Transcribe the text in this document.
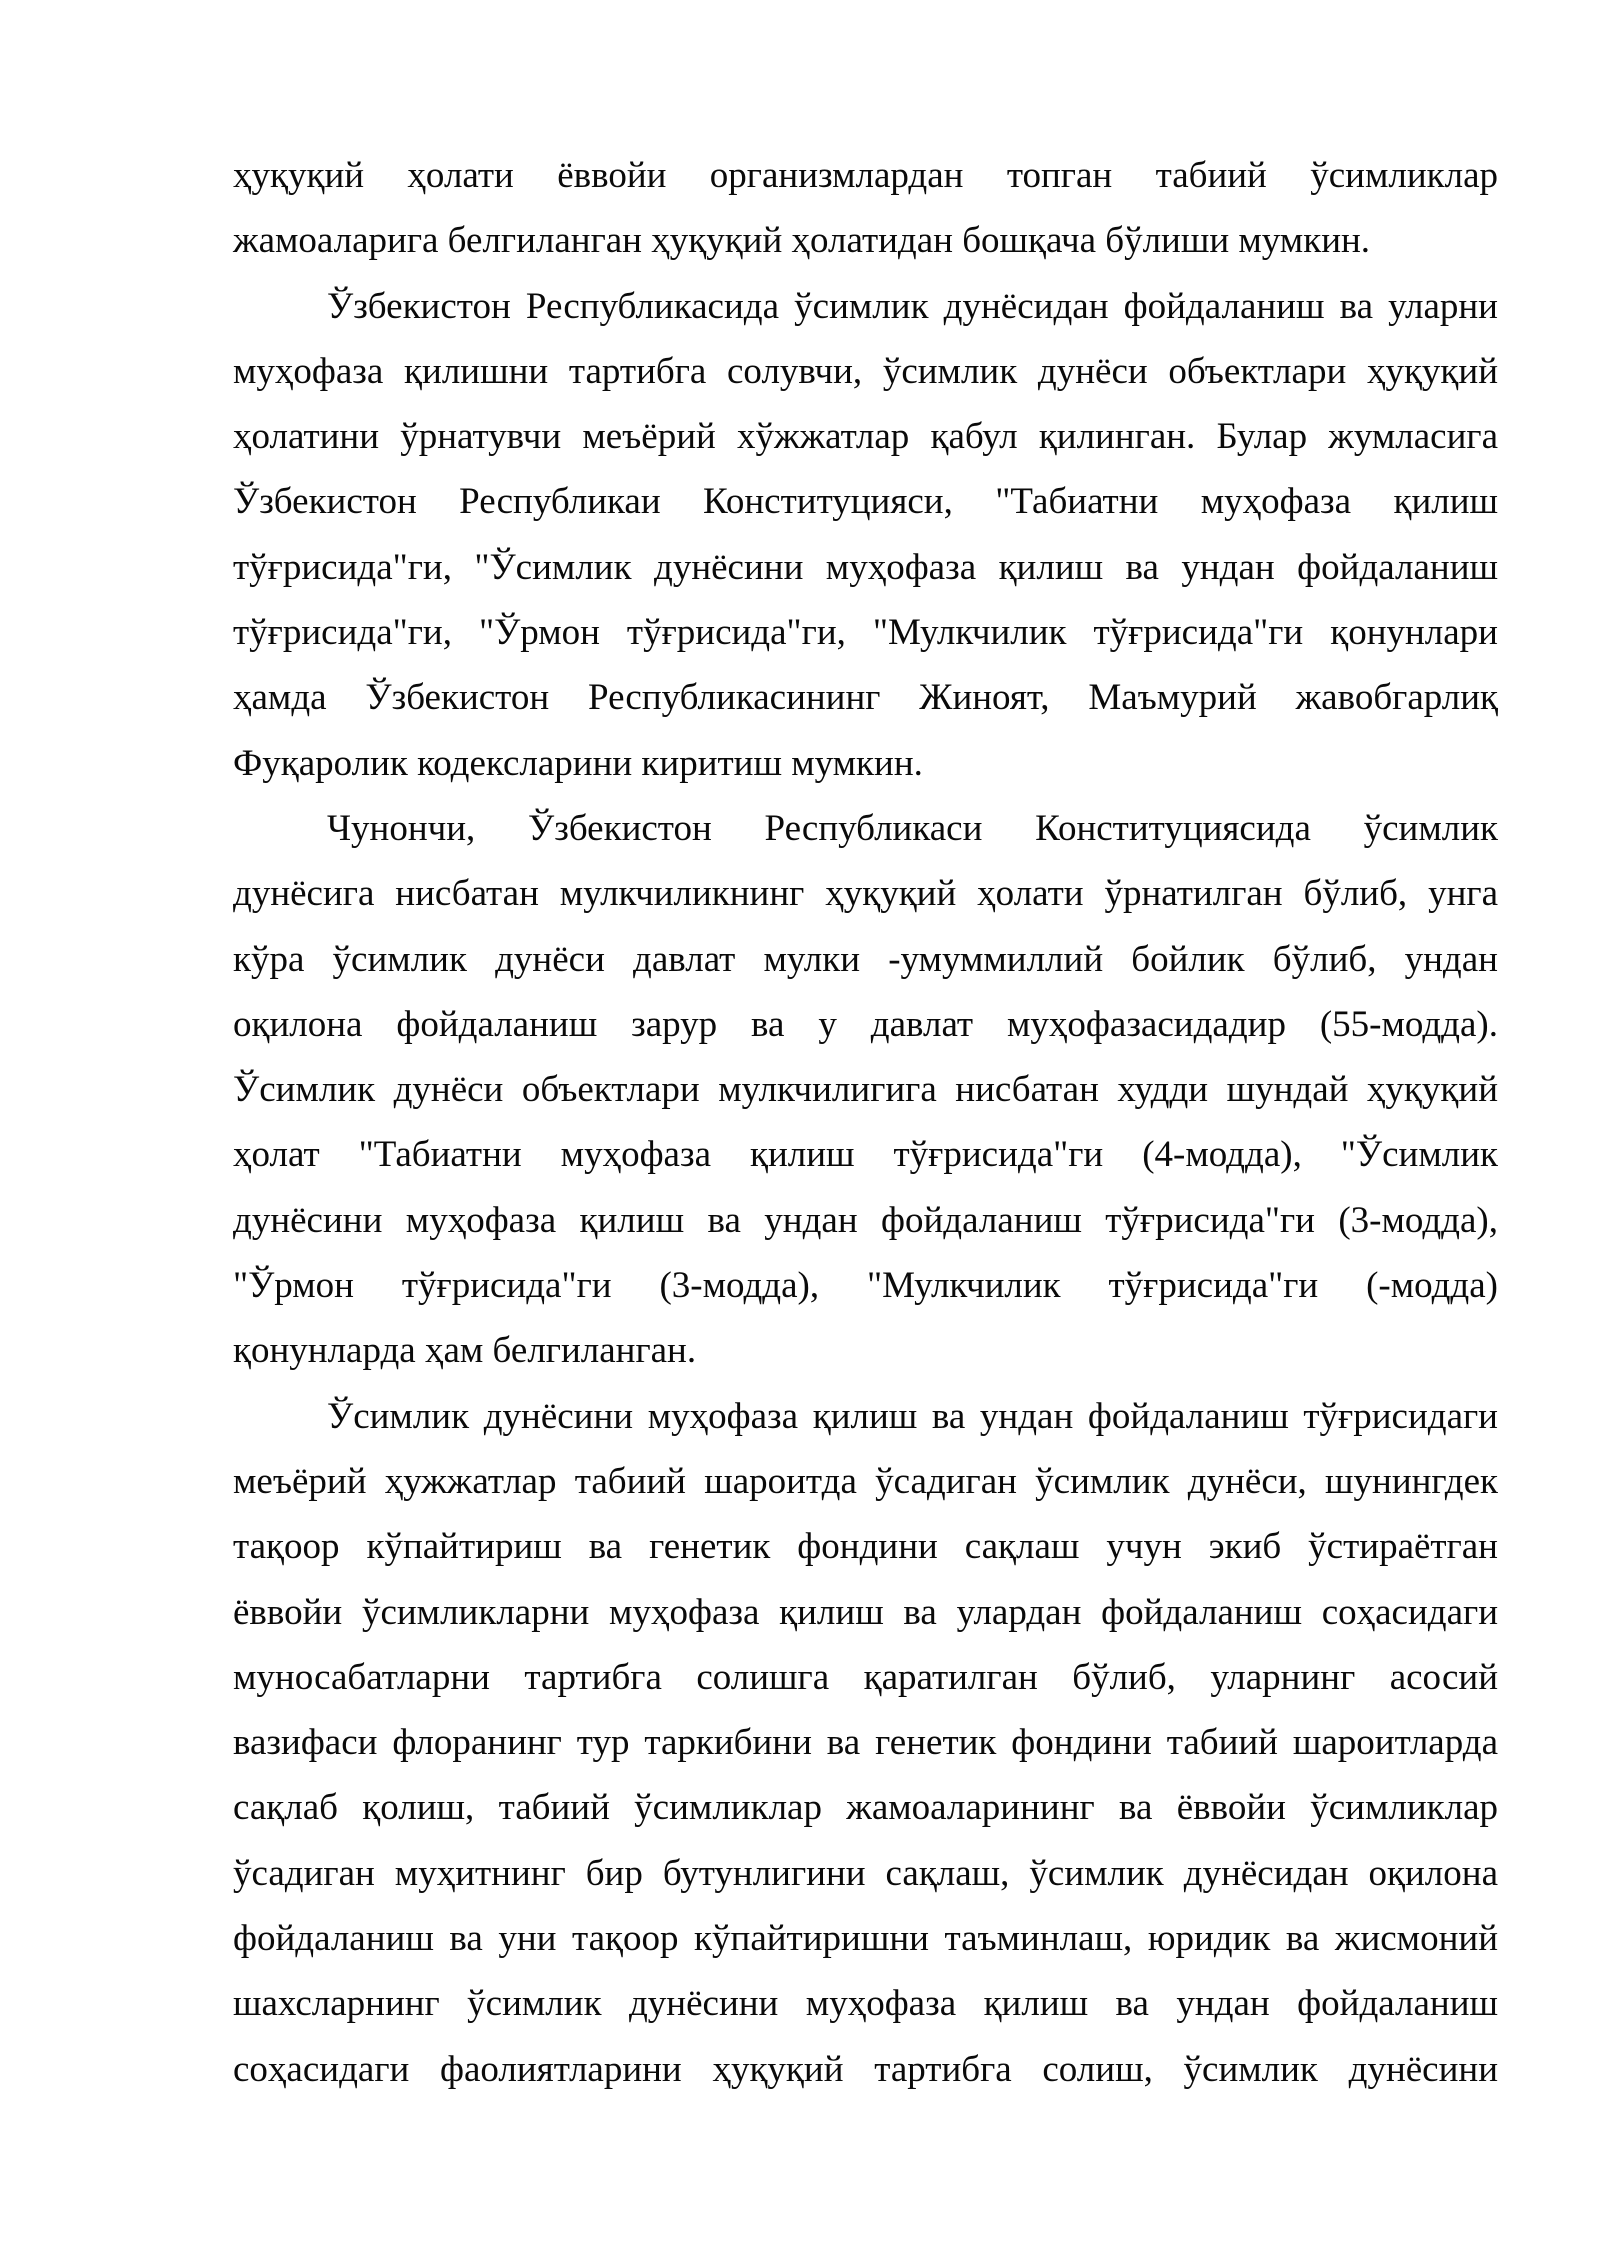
ҳуқуқий ҳолати ёввойи организмлардан топган табиий ўсимликлар
жамоаларига белгиланган ҳуқуқий ҳолатидан бошқача бўлиши мумкин.
Ўзбекистон Республикасида ўсимлик дунёсидан фойдаланиш ва уларни
муҳофаза қилишни тартибга солувчи, ўсимлик дунёси объектлари ҳуқуқий
ҳолатини ўрнатувчи меъёрий хўжжатлар қабул қилинган. Булар жумласига
Ўзбекистон Республикаи Конституцияси, "Табиатни муҳофаза қилиш
тўғрисида"ги, "Ўсимлик дунёсини муҳофаза қилиш ва ундан фойдаланиш
тўғрисида"ги, "Ўрмон тўғрисида"ги, "Мулкчилик тўғрисида"ги қонунлари
ҳамда Ўзбекистон Республикасининг Жиноят, Маъмурий жавобгарлиқ
Фуқаролик кодексларини киритиш мумкин.
Чунончи, Ўзбекистон Республикаси Конституциясида ўсимлик
дунёсига нисбатан мулкчиликнинг ҳуқуқий ҳолати ўрнатилган бўлиб, унга
кўра ўсимлик дунёси давлат мулки -умуммиллий бойлик бўлиб, ундан
оқилона фойдаланиш зарур ва у давлат муҳофазасидадир (55-модда).
Ўсимлик дунёси объектлари мулкчилигига нисбатан худди шундай ҳуқуқий
ҳолат "Табиатни муҳофаза қилиш тўғрисида"ги (4-модда), "Ўсимлик
дунёсини муҳофаза қилиш ва ундан фойдаланиш тўғрисида"ги (3-модда),
"Ўрмон тўғрисида"ги (3-модда), "Мулкчилик тўғрисида"ги (-модда)
қонунларда ҳам белгиланган.
Ўсимлик дунёсини муҳофаза қилиш ва ундан фойдаланиш тўғрисидаги
меъёрий ҳужжатлар табиий шароитда ўсадиган ўсимлик дунёси, шунингдек
тақоор кўпайтириш ва генетик фондини сақлаш учун экиб ўстираётган
ёввойи ўсимликларни муҳофаза қилиш ва улардан фойдаланиш соҳасидаги
муносабатларни тартибга солишга қаратилган бўлиб, уларнинг асосий
вазифаси флоранинг тур таркибини ва генетик фондини табиий шароитларда
сақлаб қолиш, табиий ўсимликлар жамоаларининг ва ёввойи ўсимликлар
ўсадиган муҳитнинг бир бутунлигини сақлаш, ўсимлик дунёсидан оқилона
фойдаланиш ва уни тақоор кўпайтиришни таъминлаш, юридик ва жисмоний
шахсларнинг ўсимлик дунёсини муҳофаза қилиш ва ундан фойдаланиш
соҳасидаги фаолиятларини ҳуқуқий тартибга солиш, ўсимлик дунёсини
